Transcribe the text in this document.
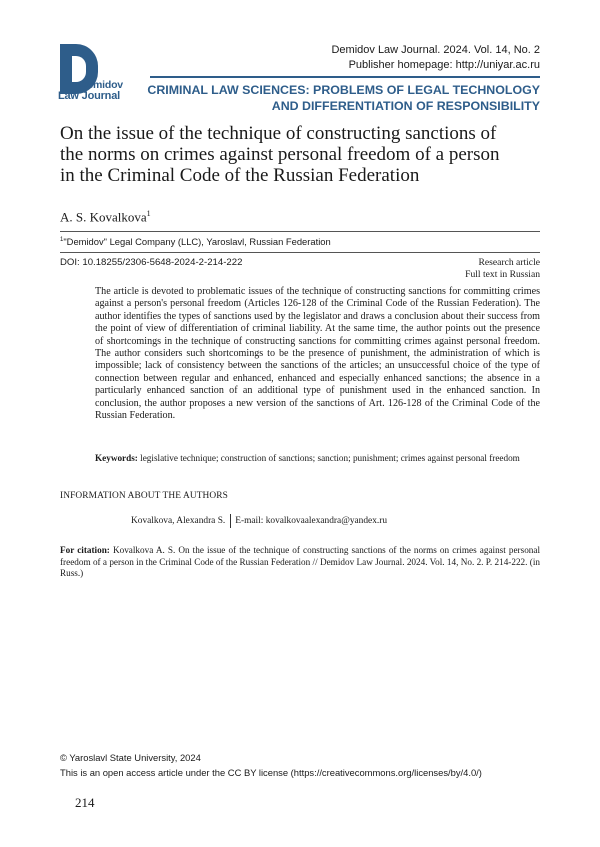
Demidov
Law Journal
Demidov Law Journal. 2024. Vol. 14, No. 2
Publisher homepage: http://uniyar.ac.ru
CRIMINAL LAW SCIENCES: PROBLEMS OF LEGAL TECHNOLOGY
AND DIFFERENTIATION OF RESPONSIBILITY
On the issue of the technique of constructing sanctions of the norms on crimes against personal freedom of a person in the Criminal Code of the Russian Federation
A. S. Kovalkova$^1$
$^1$"Demidov" Legal Company (LLC), Yaroslavl, Russian Federation
DOI: 10.18255/2306-5648-2024-2-214-222	Research article
Full text in Russian

The article is devoted to problematic issues of the technique of constructing sanctions for committing crimes against a person's personal freedom (Articles 126-128 of the Criminal Code of the Russian Federation). The author identifies the types of sanctions used by the legislator and draws a conclusion about their success from the point of view of differentiation of criminal liability. At the same time, the author points out the presence of shortcomings in the technique of constructing sanctions for committing crimes against personal freedom. The author considers such shortcomings to be the presence of punishment, the administration of which is impossible; lack of consistency between the sanctions of the articles; an unsuccessful choice of the type of connection between regular and enhanced, enhanced and especially enhanced sanctions; the absence in a particularly enhanced sanction of an additional type of punishment used in the enhanced sanction. In conclusion, the author proposes a new version of the sanctions of Art. 126-128 of the Criminal Code of the Russian Federation.

Keywords: legislative technique; construction of sanctions; sanction; punishment; crimes against personal freedom

INFORMATION ABOUT THE AUTHORS
Kovalkova, Alexandra S. E-mail: kovalkovaalexandra@yandex.ru

For citation: Kovalkova A. S. On the issue of the technique of constructing sanctions of the norms on crimes against personal freedom of a person in the Criminal Code of the Russian Federation // Demidov Law Journal. 2024. Vol. 14, No. 2. P. 214-222. (in Russ.)

© Yaroslavl State University, 2024
This is an open access article under the CC BY license (https://creativecommons.org/licenses/by/4.0/)
214
